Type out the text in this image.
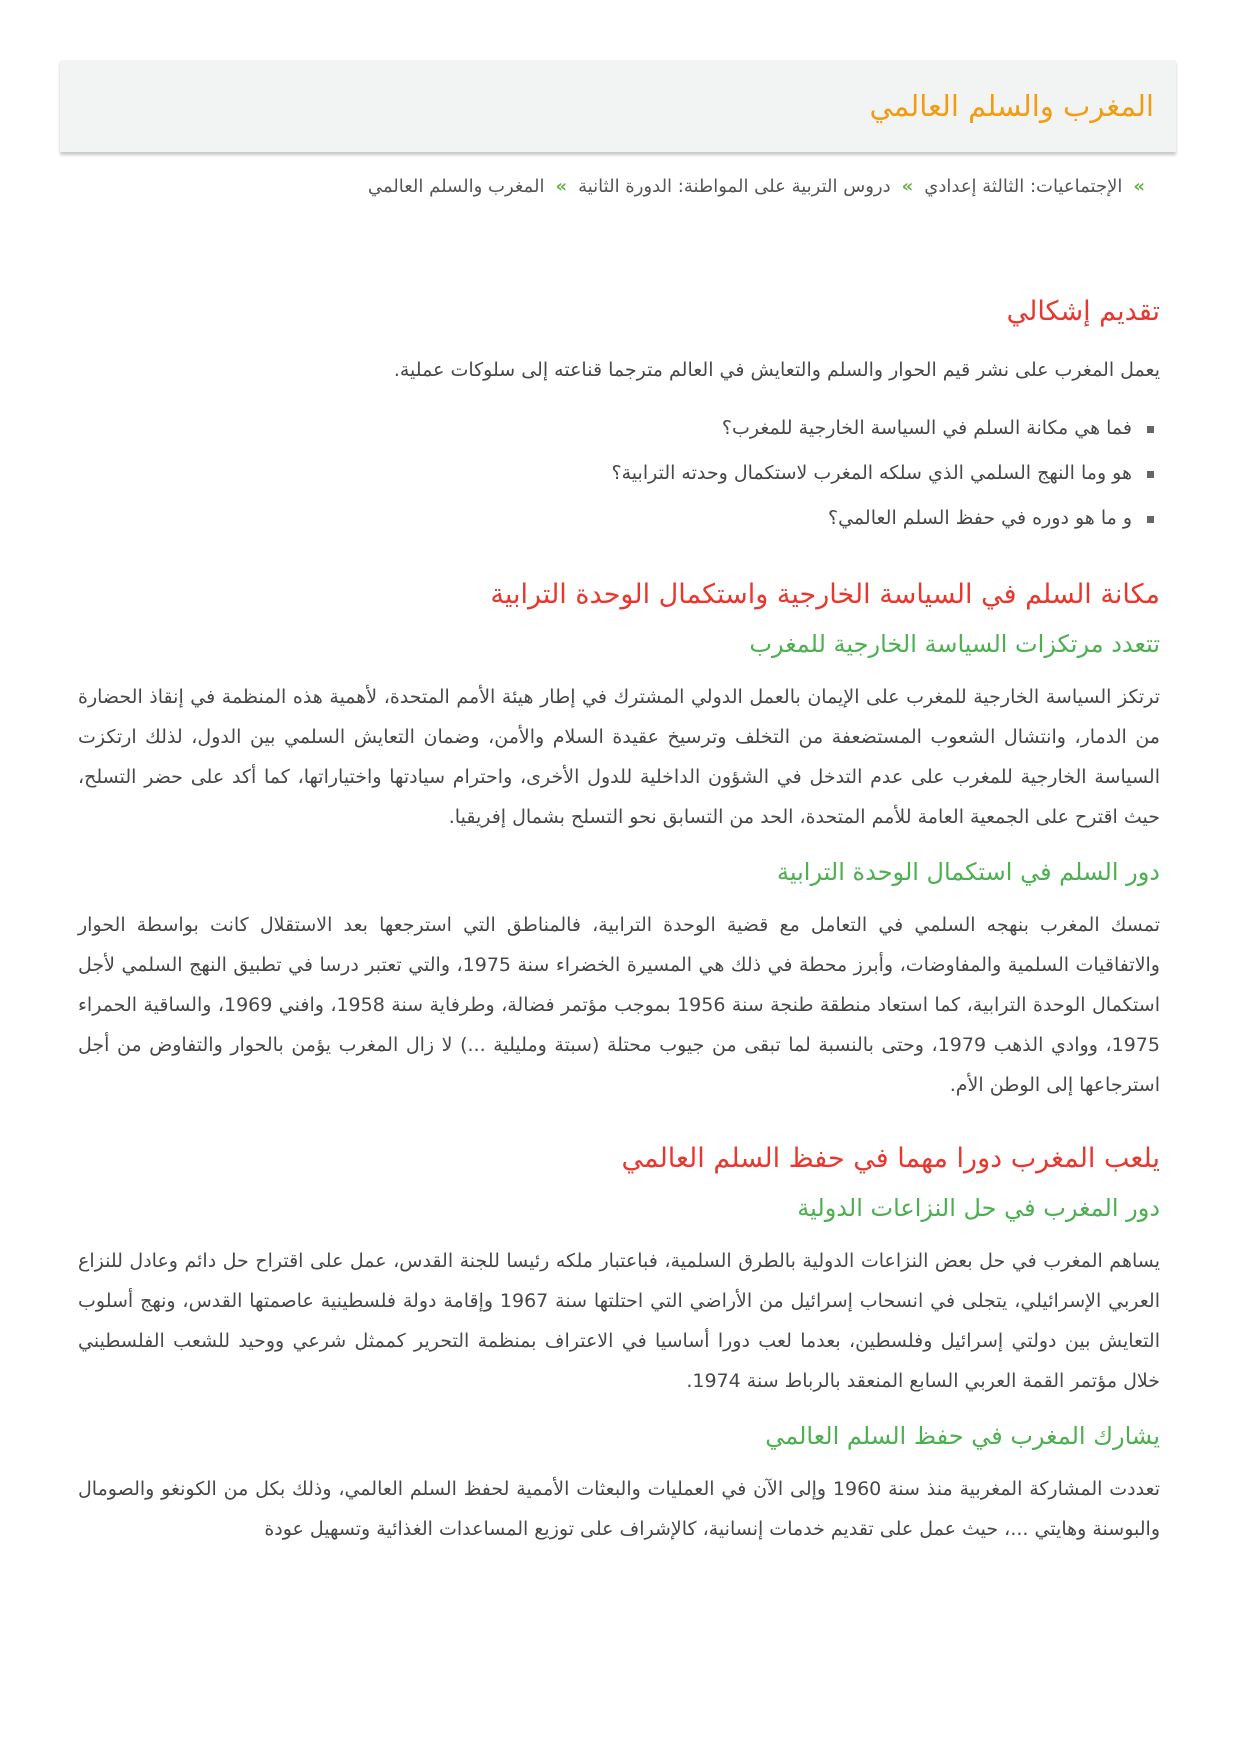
المغرب والسلم العالمي
»
الإجتماعيات: الثالثة إعدادي
»
دروس التربية على المواطنة: الدورة الثانية
»
المغرب والسلم العالمي
تقديم إشكالي

يعمل المغرب على نشر قيم الحوار والسلم والتعايش في العالم مترجما قناعته إلى سلوكات عملية.

فما هي مكانة السلم في السياسة الخارجية للمغرب؟
هو وما النهج السلمي الذي سلكه المغرب لاستكمال وحدته الترابية؟
و ما هو دوره في حفظ السلم العالمي؟
مكانة السلم في السياسة الخارجية واستكمال الوحدة الترابية
تتعدد مرتكزات السياسة الخارجية للمغرب

ترتكز السياسة الخارجية للمغرب على الإيمان بالعمل الدولي المشترك في إطار هيئة الأمم المتحدة، لأهمية هذه المنظمة في إنقاذ الحضارة من الدمار، وانتشال الشعوب المستضعفة من التخلف وترسيخ عقيدة السلام والأمن، وضمان التعايش السلمي بين الدول، لذلك ارتكزت السياسة الخارجية للمغرب على عدم التدخل في الشؤون الداخلية للدول الأخرى، واحترام سيادتها واختياراتها، كما أكد على حضر التسلح، حيث اقترح على الجمعية العامة للأمم المتحدة، الحد من التسابق نحو التسلح بشمال إفريقيا.

دور السلم في استكمال الوحدة الترابية

تمسك المغرب بنهجه السلمي في التعامل مع قضية الوحدة الترابية، فالمناطق التي استرجعها بعد الاستقلال كانت بواسطة الحوار والاتفاقيات السلمية والمفاوضات، وأبرز محطة في ذلك هي المسيرة الخضراء سنة 1975، والتي تعتبر درسا في تطبيق النهج السلمي لأجل استكمال الوحدة الترابية، كما استعاد منطقة طنجة سنة 1956 بموجب مؤتمر فضالة، وطرفاية سنة 1958، وافني 1969، والساقية الحمراء 1975، ووادي الذهب 1979، وحتى بالنسبة لما تبقى من جيوب محتلة (سبتة ومليلية ...) لا زال المغرب يؤمن بالحوار والتفاوض من أجل استرجاعها إلى الوطن الأم.

يلعب المغرب دورا مهما في حفظ السلم العالمي
دور المغرب في حل النزاعات الدولية

يساهم المغرب في حل بعض النزاعات الدولية بالطرق السلمية، فباعتبار ملكه رئيسا للجنة القدس، عمل على اقتراح حل دائم وعادل للنزاع العربي الإسرائيلي، يتجلى في انسحاب إسرائيل من الأراضي التي احتلتها سنة 1967 وإقامة دولة فلسطينية عاصمتها القدس، ونهج أسلوب التعايش بين دولتي إسرائيل وفلسطين، بعدما لعب دورا أساسيا في الاعتراف بمنظمة التحرير كممثل شرعي ووحيد للشعب الفلسطيني خلال مؤتمر القمة العربي السابع المنعقد بالرباط سنة 1974.

يشارك المغرب في حفظ السلم العالمي

تعددت المشاركة المغربية منذ سنة 1960 وإلى الآن في العمليات والبعثات الأممية لحفظ السلم العالمي، وذلك بكل من الكونغو والصومال والبوسنة وهايتي ...، حيث عمل على تقديم خدمات إنسانية، كالإشراف على توزيع المساعدات الغذائية وتسهيل عودة
